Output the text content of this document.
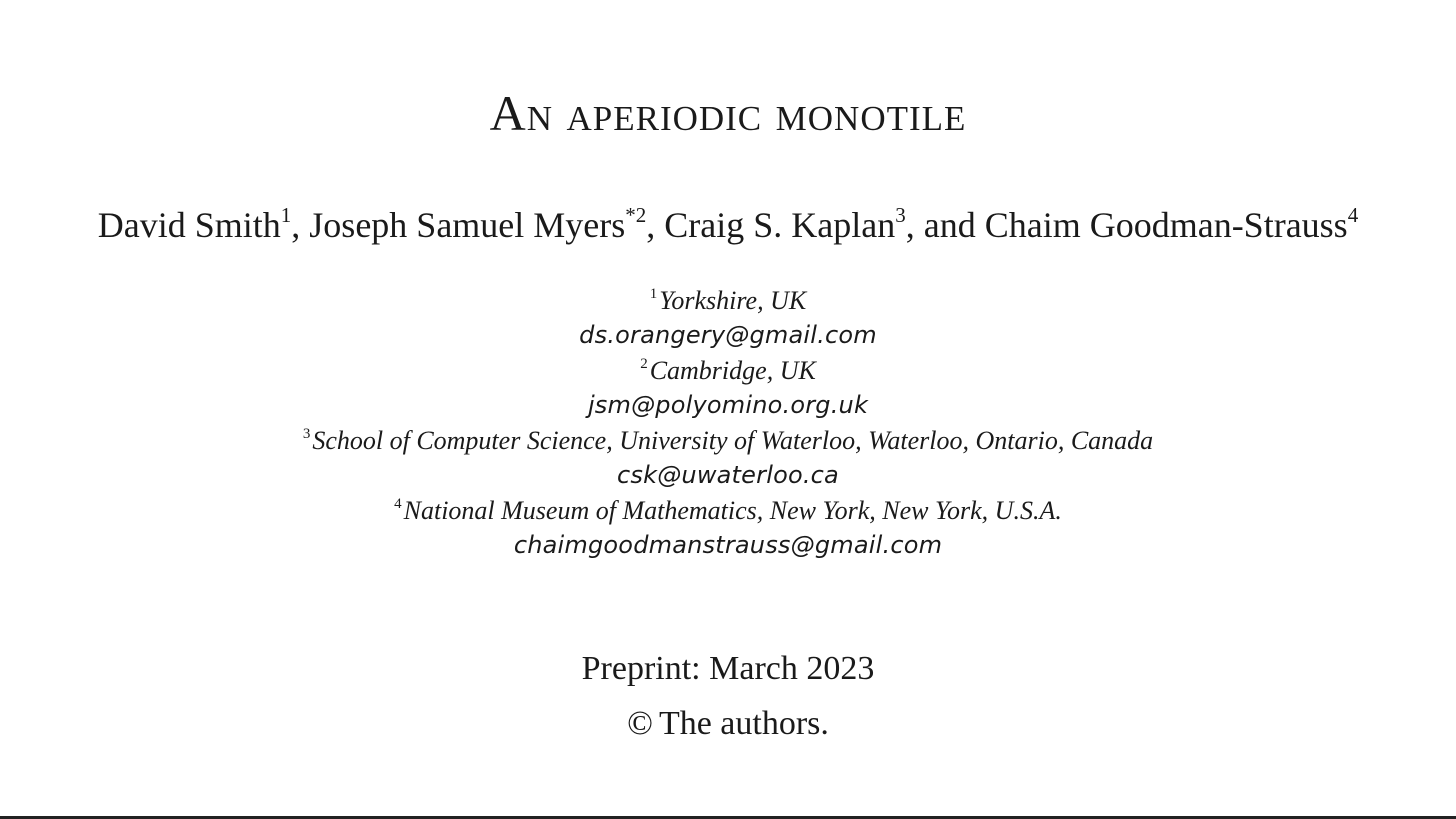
An aperiodic monotile
David Smith$^1$, Joseph Samuel Myers$^{*2}$, Craig S. Kaplan$^3$, and Chaim Goodman-Strauss$^4$
$^1$Yorkshire, UK
ds.orangery@gmail.com
$^2$Cambridge, UK
jsm@polyomino.org.uk
$^3$School of Computer Science, University of Waterloo, Waterloo, Ontario, Canada
csk@uwaterloo.ca
$^4$National Museum of Mathematics, New York, New York, U.S.A.
chaimgoodmanstrauss@gmail.com
Preprint: March 2023
© The authors.
